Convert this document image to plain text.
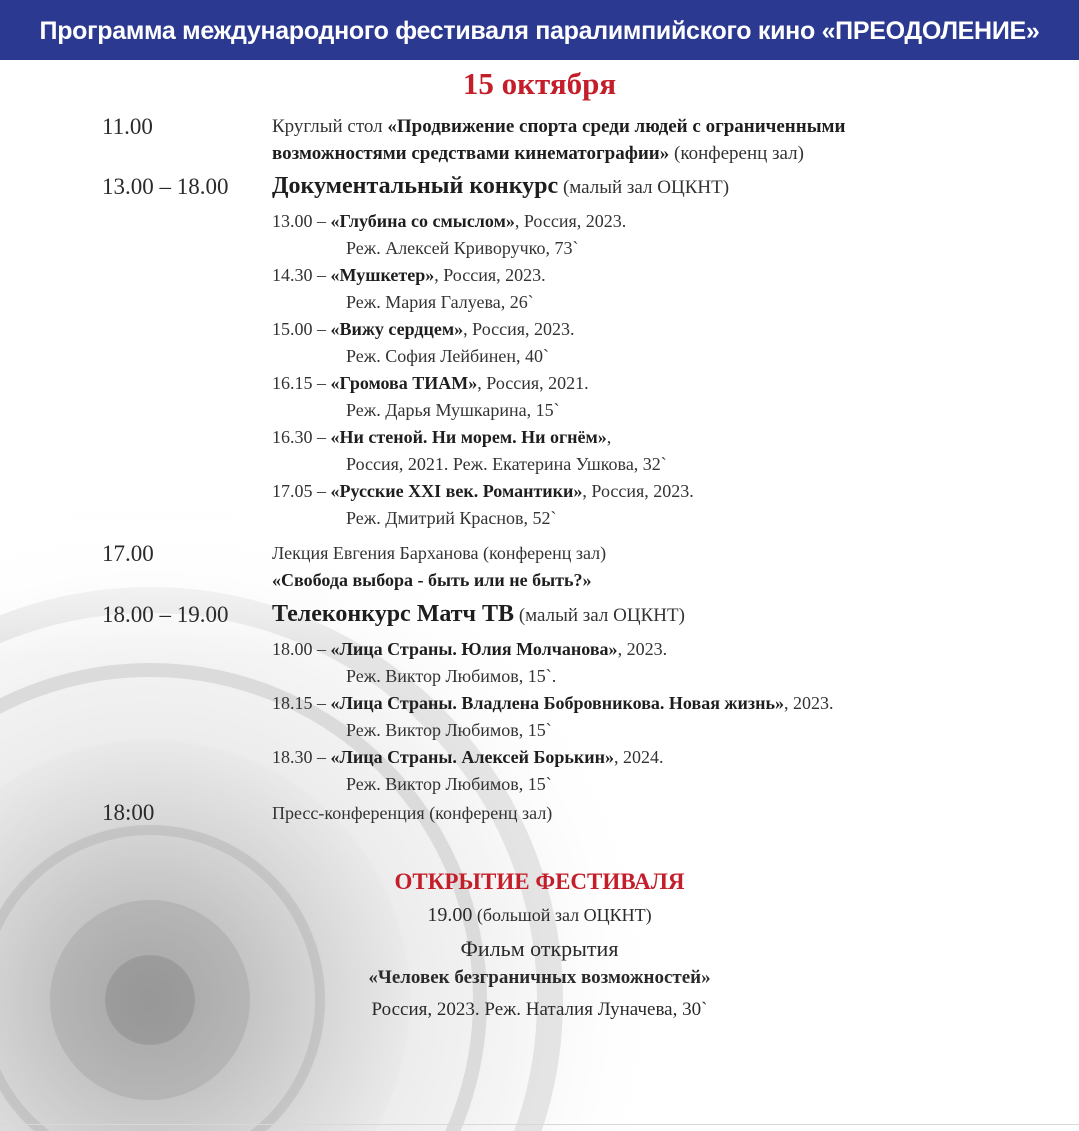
Программа международного фестиваля паралимпийского кино «ПРЕОДОЛЕНИЕ»
15 октября
11.00	Круглый стол «Продвижение спорта среди людей с ограниченными
возможностями средствами кинематографии» (конференц зал)
13.00 – 18.00 Документальный конкурс (малый зал ОЦКНТ)
13.00 – «Глубина со смыслом», Россия, 2023.
Реж. Алексей Криворучко, 73`
14.30 – «Мушкетер», Россия, 2023.
Реж. Мария Галуева, 26`
15.00 – «Вижу сердцем», Россия, 2023.
Реж. София Лейбинен, 40`
16.15 – «Громова ТИАМ», Россия, 2021.
Реж. Дарья Мушкарина, 15`
16.30 – «Ни стеной. Ни морем. Ни огнём»,
Россия, 2021. Реж. Екатерина Ушкова, 32`
17.05 – «Русские XXI век. Романтики», Россия, 2023.
Реж. Дмитрий Краснов, 52`
17.00	Лекция Евгения Барханова (конференц зал)
«Свобода выбора - быть или не быть?»
18.00 – 19.00 Телеконкурс Матч ТВ (малый зал ОЦКНТ)
18.00 – «Лица Страны. Юлия Молчанова», 2023.
Реж. Виктор Любимов, 15`.
18.15 – «Лица Страны. Владлена Бобровникова. Новая жизнь», 2023.
Реж. Виктор Любимов, 15`
18.30 – «Лица Страны. Алексей Борькин», 2024.
Реж. Виктор Любимов, 15`
18:00	Пресс-конференция (конференц зал)
ОТКРЫТИЕ ФЕСТИВАЛЯ
19.00 (большой зал ОЦКНТ)
Фильм открытия
«Человек безграничных возможностей»
Россия, 2023. Реж. Наталия Луначева, 30`
